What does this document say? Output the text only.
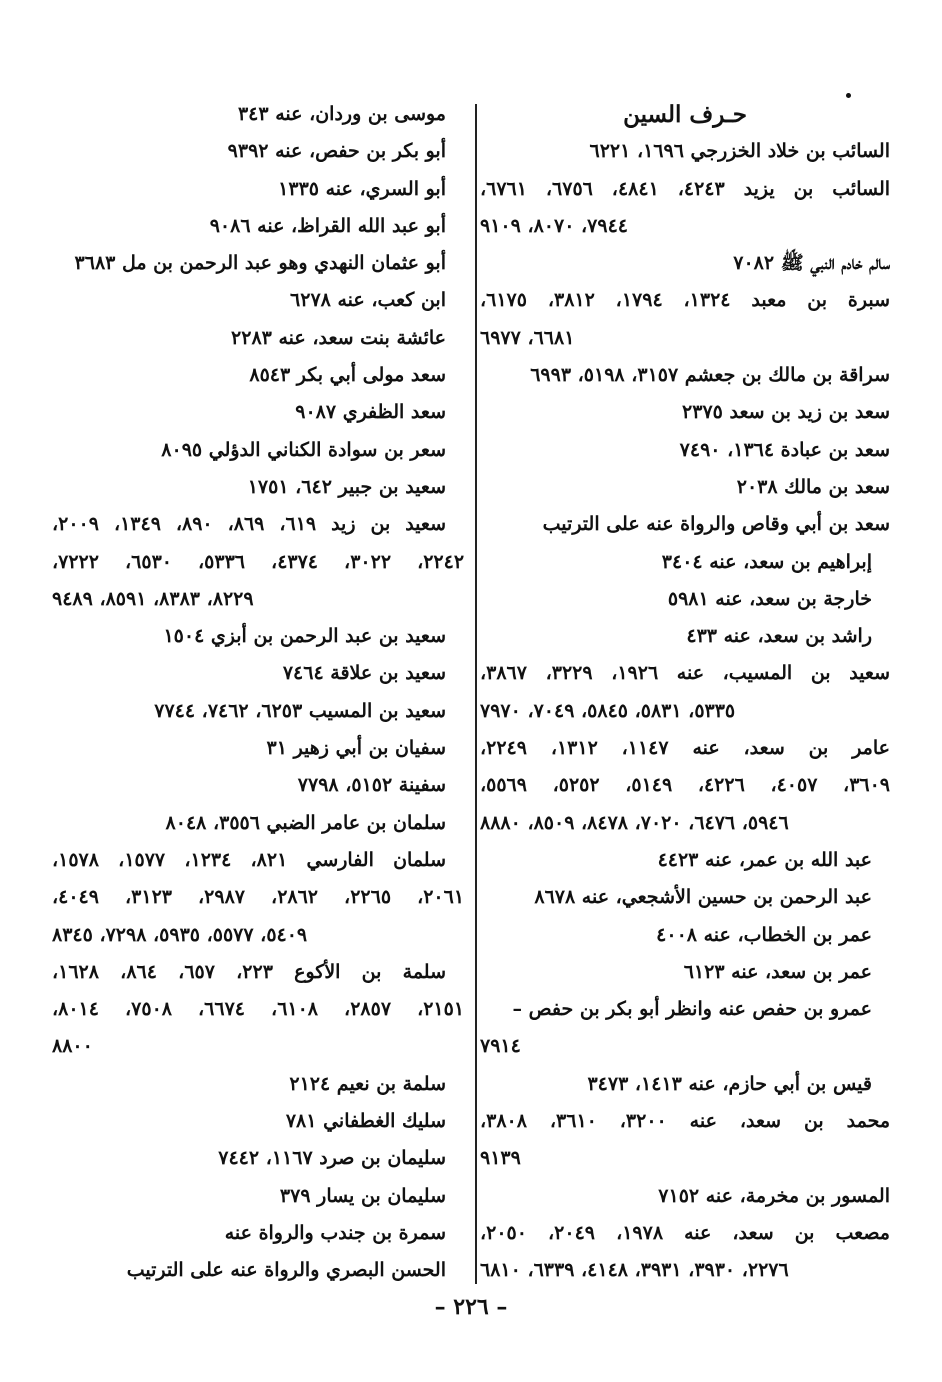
حـرف السين
السائب بن خلاد الخزرجي ١٦٩٦، ٦٢٢١
السائب بن يزيد ٤٢٤٣، ٤٨٤١، ٦٧٥٦، ٦٧٦١،
٧٩٤٤، ٨٠٧٠، ٩١٠٩
سالم خادم النبي ﷺ ٧٠٨٢
سبرة بن معبد ١٣٢٤، ١٧٩٤، ٣٨١٢، ٦١٧٥،
٦٦٨١، ٦٩٧٧
سراقة بن مالك بن جعشم ٣١٥٧، ٥١٩٨، ٦٩٩٣
سعد بن زيد بن سعد ٢٣٧٥
سعد بن عبادة ١٣٦٤، ٧٤٩٠
سعد بن مالك ٢٠٣٨
سعد بن أبي وقاص والرواة عنه على الترتيب
إبراهيم بن سعد، عنه ٣٤٠٤
خارجة بن سعد، عنه ٥٩٨١
راشد بن سعد، عنه ٤٣٣
سعيد بن المسيب، عنه ١٩٢٦، ٣٢٢٩، ٣٨٦٧،
٥٣٣٥، ٥٨٣١، ٥٨٤٥، ٧٠٤٩، ٧٩٧٠
عامر بن سعد، عنه ١١٤٧، ١٣١٢، ٢٢٤٩،
٣٦٠٩، ٤٠٥٧، ٤٢٢٦، ٥١٤٩، ٥٢٥٢، ٥٥٦٩،
٥٩٤٦، ٦٤٧٦، ٧٠٢٠، ٨٤٧٨، ٨٥٠٩، ٨٨٨٠
عبد الله بن عمر، عنه ٤٤٢٣
عبد الرحمن بن حسين الأشجعي، عنه ٨٦٧٨
عمر بن الخطاب، عنه ٤٠٠٨
عمر بن سعد، عنه ٦١٢٣
عمرو بن حفص عنه وانظر أبو بكر بن حفص –
٧٩١٤
قيس بن أبي حازم، عنه ١٤١٣، ٣٤٧٣
محمد بن سعد، عنه ٣٢٠٠، ٣٦١٠، ٣٨٠٨،
٩١٣٩
المسور بن مخرمة، عنه ٧١٥٢
مصعب بن سعد، عنه ١٩٧٨، ٢٠٤٩، ٢٠٥٠،
٢٢٧٦، ٣٩٣٠، ٣٩٣١، ٤١٤٨، ٦٣٣٩، ٦٨١٠
موسى بن وردان، عنه ٣٤٣
أبو بكر بن حفص، عنه ٩٣٩٢
أبو السري، عنه ١٣٣٥
أبو عبد الله القراظ، عنه ٩٠٨٦
أبو عثمان النهدي وهو عبد الرحمن بن مل ٣٦٨٣
ابن كعب، عنه ٦٢٧٨
عائشة بنت سعد، عنه ٢٢٨٣
سعد مولى أبي بكر ٨٥٤٣
سعد الظفري ٩٠٨٧
سعر بن سوادة الكناني الدؤلي ٨٠٩٥
سعيد بن جبير ٦٤٢، ١٧٥١
سعيد بن زيد ٦١٩، ٨٦٩، ٨٩٠، ١٣٤٩، ٢٠٠٩،
٢٢٤٢، ٣٠٢٢، ٤٣٧٤، ٥٣٣٦، ٦٥٣٠، ٧٢٢٢،
٨٢٢٩، ٨٣٨٣، ٨٥٩١، ٩٤٨٩
سعيد بن عبد الرحمن بن أبزي ١٥٠٤
سعيد بن علاقة ٧٤٦٤
سعيد بن المسيب ٦٢٥٣، ٧٤٦٢، ٧٧٤٤
سفيان بن أبي زهير ٣١
سفينة ٥١٥٢، ٧٧٩٨
سلمان بن عامر الضبي ٣٥٥٦، ٨٠٤٨
سلمان الفارسي ٨٢١، ١٢٣٤، ١٥٧٧، ١٥٧٨،
٢٠٦١، ٢٢٦٥، ٢٨٦٢، ٢٩٨٧، ٣١٢٣، ٤٠٤٩،
٥٤٠٩، ٥٥٧٧، ٥٩٣٥، ٧٢٩٨، ٨٣٤٥
سلمة بن الأكوع ٢٢٣، ٦٥٧، ٨٦٤، ١٦٢٨،
٢١٥١، ٢٨٥٧، ٦١٠٨، ٦٦٧٤، ٧٥٠٨، ٨٠١٤،
٨٨٠٠
سلمة بن نعيم ٢١٢٤
سليك الغطفاني ٧٨١
سليمان بن صرد ١١٦٧، ٧٤٤٢
سليمان بن يسار ٣٧٩
سمرة بن جندب والرواة عنه
الحسن البصري والرواة عنه على الترتيب
– ٢٢٦ –
